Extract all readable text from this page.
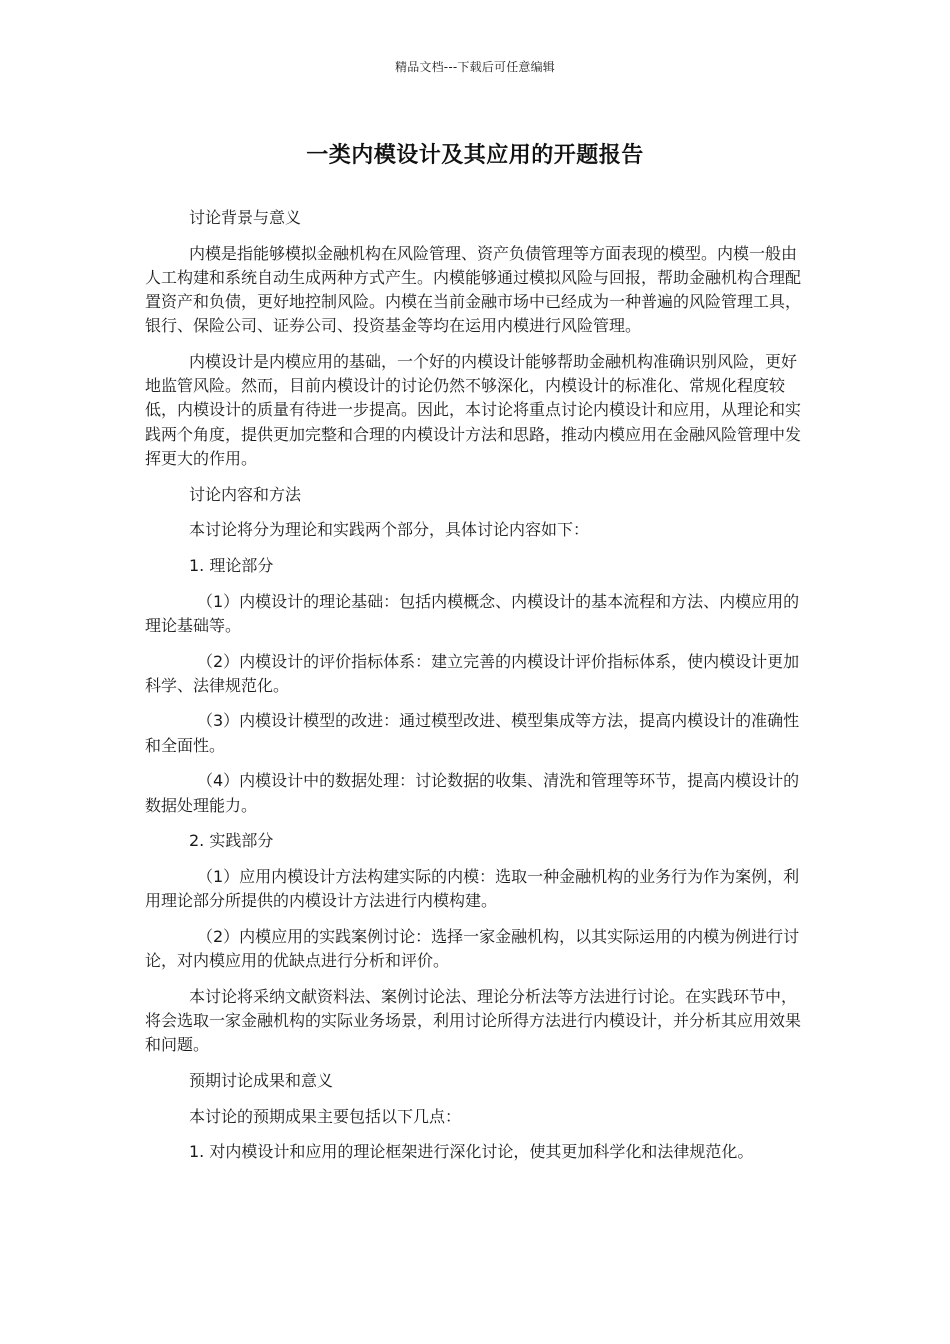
精品文档---下载后可任意编辑
一类内模设计及其应用的开题报告

讨论背景与意义

内模是指能够模拟金融机构在风险管理、资产负债管理等方面表现的模型。内模一般由人工构建和系统自动生成两种方式产生。内模能够通过模拟风险与回报，帮助金融机构合理配置资产和负债，更好地控制风险。内模在当前金融市场中已经成为一种普遍的风险管理工具，银行、保险公司、证券公司、投资基金等均在运用内模进行风险管理。

内模设计是内模应用的基础，一个好的内模设计能够帮助金融机构准确识别风险，更好地监管风险。然而，目前内模设计的讨论仍然不够深化，内模设计的标准化、常规化程度较低，内模设计的质量有待进一步提高。因此，本讨论将重点讨论内模设计和应用，从理论和实践两个角度，提供更加完整和合理的内模设计方法和思路，推动内模应用在金融风险管理中发挥更大的作用。

讨论内容和方法

本讨论将分为理论和实践两个部分，具体讨论内容如下：

1. 理论部分

（1）内模设计的理论基础：包括内模概念、内模设计的基本流程和方法、内模应用的理论基础等。

（2）内模设计的评价指标体系：建立完善的内模设计评价指标体系，使内模设计更加科学、法律规范化。

（3）内模设计模型的改进：通过模型改进、模型集成等方法，提高内模设计的准确性和全面性。

（4）内模设计中的数据处理：讨论数据的收集、清洗和管理等环节，提高内模设计的数据处理能力。

2. 实践部分

（1）应用内模设计方法构建实际的内模：选取一种金融机构的业务行为作为案例，利用理论部分所提供的内模设计方法进行内模构建。

（2）内模应用的实践案例讨论：选择一家金融机构，以其实际运用的内模为例进行讨论，对内模应用的优缺点进行分析和评价。

本讨论将采纳文献资料法、案例讨论法、理论分析法等方法进行讨论。在实践环节中，将会选取一家金融机构的实际业务场景，利用讨论所得方法进行内模设计，并分析其应用效果和问题。

预期讨论成果和意义

本讨论的预期成果主要包括以下几点：

1. 对内模设计和应用的理论框架进行深化讨论，使其更加科学化和法律规范化。
